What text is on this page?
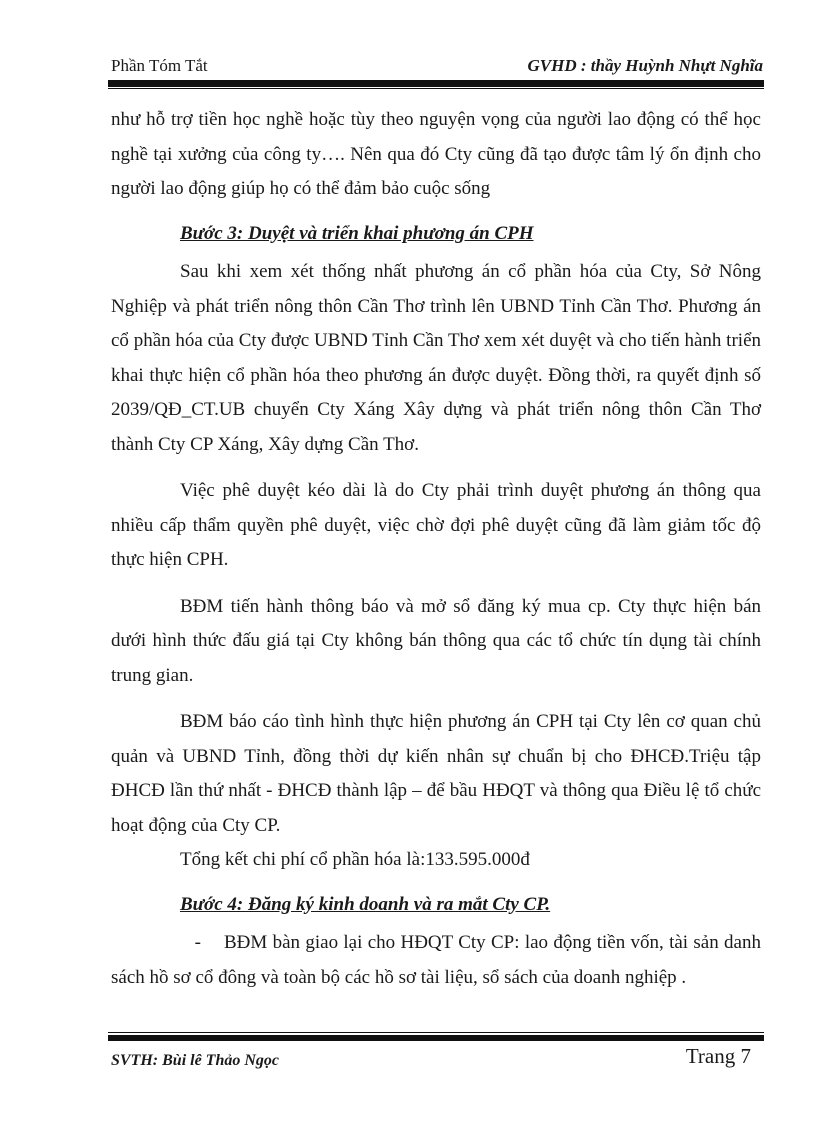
Phần Tóm Tắt	GVHD : thầy Huỳnh Nhựt Nghĩa

như hỗ trợ tiền học nghề hoặc tùy theo nguyện vọng của người lao động có thể học nghề tại xưởng của công ty…. Nên qua đó Cty cũng đã tạo được tâm lý ổn định cho người lao động giúp họ có thể đảm bảo cuộc sống

Bước 3: Duyệt và triển khai phương án CPH

Sau khi xem xét thống nhất phương án cổ phần hóa của Cty, Sở Nông Nghiệp và phát triển nông thôn Cần Thơ trình lên UBND Tỉnh Cần Thơ. Phương án cổ phần hóa của Cty được UBND Tỉnh Cần Thơ xem xét duyệt và cho tiến hành triển khai thực hiện cổ phần hóa theo phương án được duyệt. Đồng thời, ra quyết định số 2039/QĐ_CT.UB chuyển Cty Xáng Xây dựng và phát triển nông thôn Cần Thơ thành Cty CP Xáng, Xây dựng Cần Thơ.

Việc phê duyệt kéo dài là do Cty phải trình duyệt phương án thông qua nhiều cấp thẩm quyền phê duyệt, việc chờ đợi phê duyệt cũng đã làm giảm tốc độ thực hiện CPH.

BĐM tiến hành thông báo và mở sổ đăng ký mua cp. Cty thực hiện bán dưới hình thức đấu giá tại Cty không bán thông qua các tổ chức tín dụng tài chính trung gian.

BĐM báo cáo tình hình thực hiện phương án CPH tại Cty lên cơ quan chủ quản và UBND Tỉnh, đồng thời dự kiến nhân sự chuẩn bị cho ĐHCĐ.Triệu tập ĐHCĐ lần thứ nhất - ĐHCĐ thành lập – để bầu HĐQT và thông qua Điều lệ tổ chức hoạt động của Cty CP.

Tổng kết chi phí cổ phần hóa là:133.595.000đ

Bước 4: Đăng ký kinh doanh và ra mắt Cty CP.

- BĐM bàn giao lại cho HĐQT Cty CP: lao động tiền vốn, tài sản danh sách hồ sơ cổ đông và toàn bộ các hồ sơ tài liệu, sổ sách của doanh nghiệp .

SVTH: Bùi lê Thảo Ngọc	Trang 7
